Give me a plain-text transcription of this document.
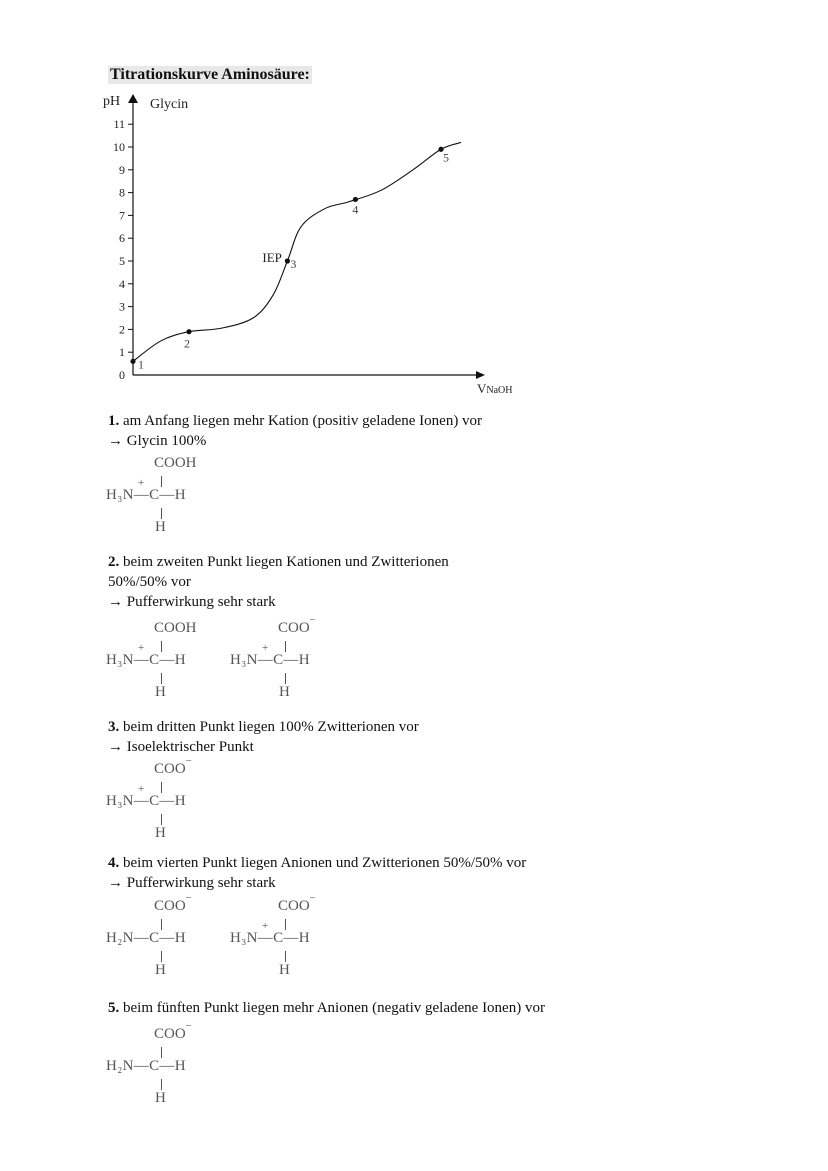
Titrationskurve Aminosäure:
0
1
2
3
4
5
6
7
8
9
10
11
pH Glycin
VNaOH
1
2
3
4
5
IEP
1. am Anfang liegen mehr Kation (positiv geladene Ionen) vor
→ Glycin 100%
COOH
+
H₃N—C—H
H
2. beim zweiten Punkt liegen Kationen und Zwitterionen
50%/50% vor
→ Pufferwirkung sehr stark
COOH
+
H₃N—C—H
H
COO −
+
H₃N—C—H
H
3. beim dritten Punkt liegen 100% Zwitterionen vor
→ Isoelektrischer Punkt
COO −
+
H₃N—C—H
H
4. beim vierten Punkt liegen Anionen und Zwitterionen 50%/50% vor
→ Pufferwirkung sehr stark
COO −
H₂N—C—H
H
COO −
+
H₃N—C—H
H
5. beim fünften Punkt liegen mehr Anionen (negativ geladene Ionen) vor
COO −
H₂N—C—H
H
